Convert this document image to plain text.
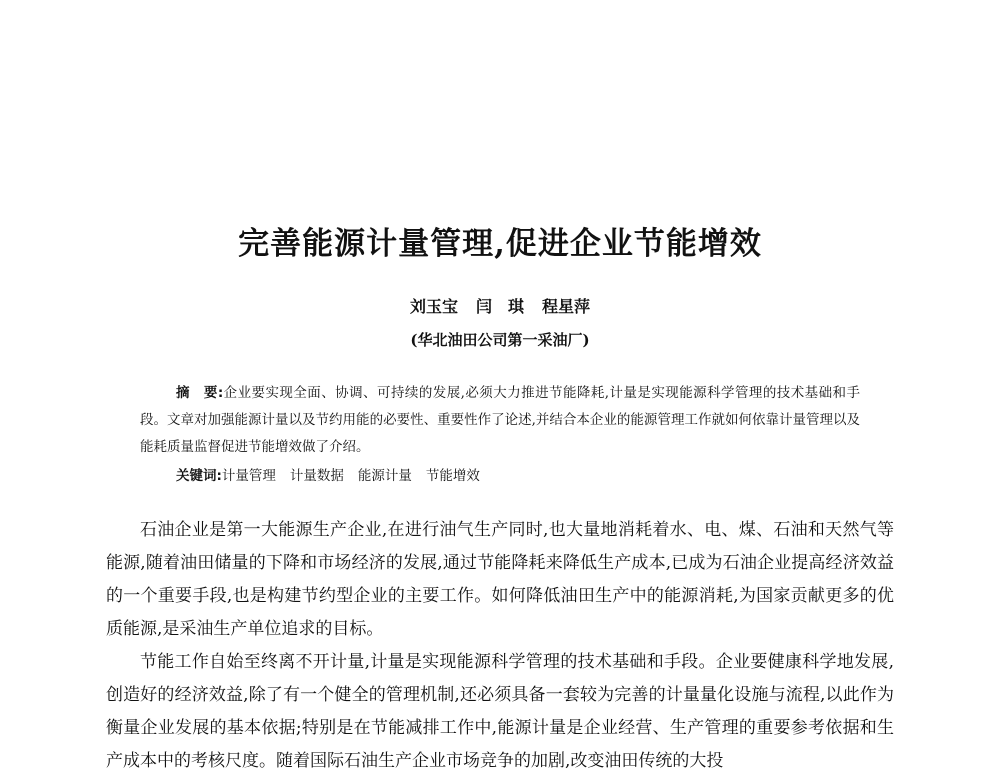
完善能源计量管理,促进企业节能增效
刘玉宝 闫　琪 程星萍
(华北油田公司第一采油厂)

摘　要:企业要实现全面、协调、可持续的发展,必须大力推进节能降耗,计量是实现能源科学管理的技术基础和手段。文章对加强能源计量以及节约用能的必要性、重要性作了论述,并结合本企业的能源管理工作就如何依靠计量管理以及能耗质量监督促进节能增效做了介绍。

关键词:计量管理 计量数据 能源计量 节能增效

石油企业是第一大能源生产企业,在进行油气生产同时,也大量地消耗着水、电、煤、石油和天然气等能源,随着油田储量的下降和市场经济的发展,通过节能降耗来降低生产成本,已成为石油企业提高经济效益的一个重要手段,也是构建节约型企业的主要工作。如何降低油田生产中的能源消耗,为国家贡献更多的优质能源,是采油生产单位追求的目标。

节能工作自始至终离不开计量,计量是实现能源科学管理的技术基础和手段。企业要健康科学地发展,创造好的经济效益,除了有一个健全的管理机制,还必须具备一套较为完善的计量量化设施与流程,以此作为衡量企业发展的基本依据;特别是在节能减排工作中,能源计量是企业经营、生产管理的重要参考依据和生产成本中的考核尺度。随着国际石油生产企业市场竞争的加剧,改变油田传统的大投
